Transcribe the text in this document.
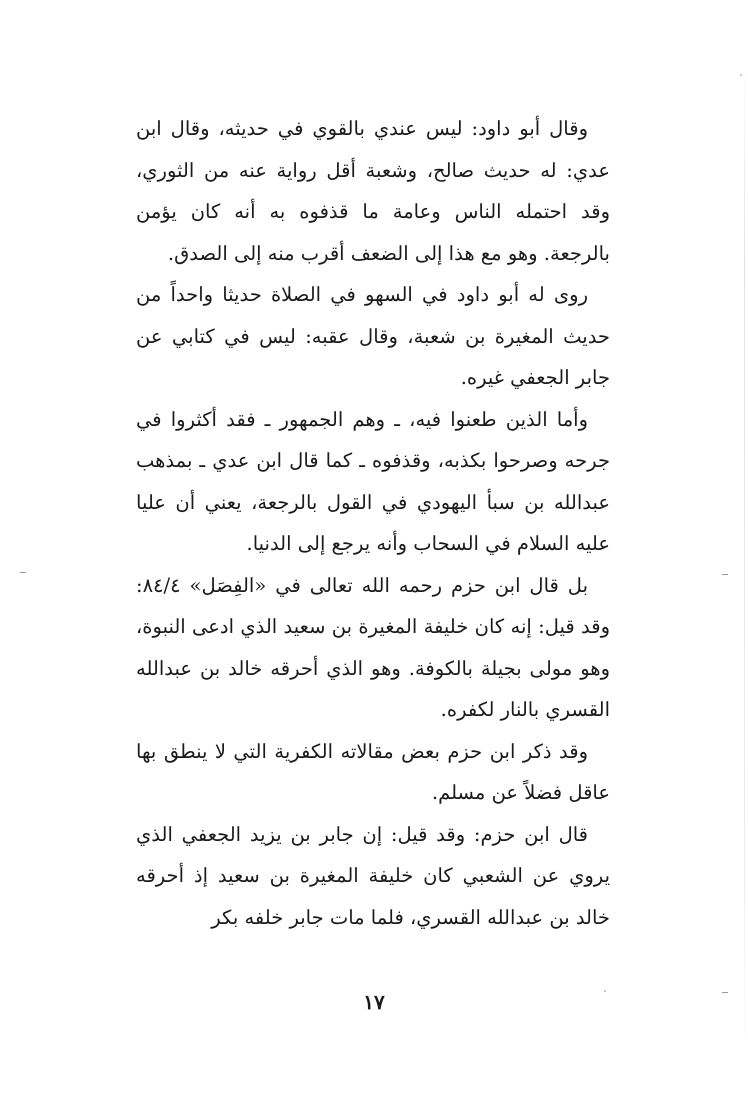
وقال أبو داود: ليس عندي بالقوي في حديثه، وقال ابن عدي: له حديث صالح، وشعبة أقل رواية عنه من الثوري، وقد احتمله الناس وعامة ما قذفوه به أنه كان يؤمن بالرجعة. وهو مع هذا إلى الضعف أقرب منه إلى الصدق.

روى له أبو داود في السهو في الصلاة حديثا واحداً من حديث المغيرة بن شعبة، وقال عقبه: ليس في كتابي عن جابر الجعفي غيره.

وأما الذين طعنوا فيه، ـ وهم الجمهور ـ فقد أكثروا في جرحه وصرحوا بكذبه، وقذفوه ـ كما قال ابن عدي ـ بمذهب عبدالله بن سبأ اليهودي في القول بالرجعة، يعني أن عليا عليه السلام في السحاب وأنه يرجع إلى الدنيا.

بل قال ابن حزم رحمه الله تعالى في «الفِصَل» ٨٤/٤: وقد قيل: إنه كان خليفة المغيرة بن سعيد الذي ادعى النبوة، وهو مولى بجيلة بالكوفة. وهو الذي أحرقه خالد بن عبدالله القسري بالنار لكفره.

وقد ذكر ابن حزم بعض مقالاته الكفرية التي لا ينطق بها عاقل فضلاً عن مسلم.

قال ابن حزم: وقد قيل: إن جابر بن يزيد الجعفي الذي يروي عن الشعبي كان خليفة المغيرة بن سعيد إذ أحرقه خالد بن عبدالله القسري، فلما مات جابر خلفه بكر

١٧
